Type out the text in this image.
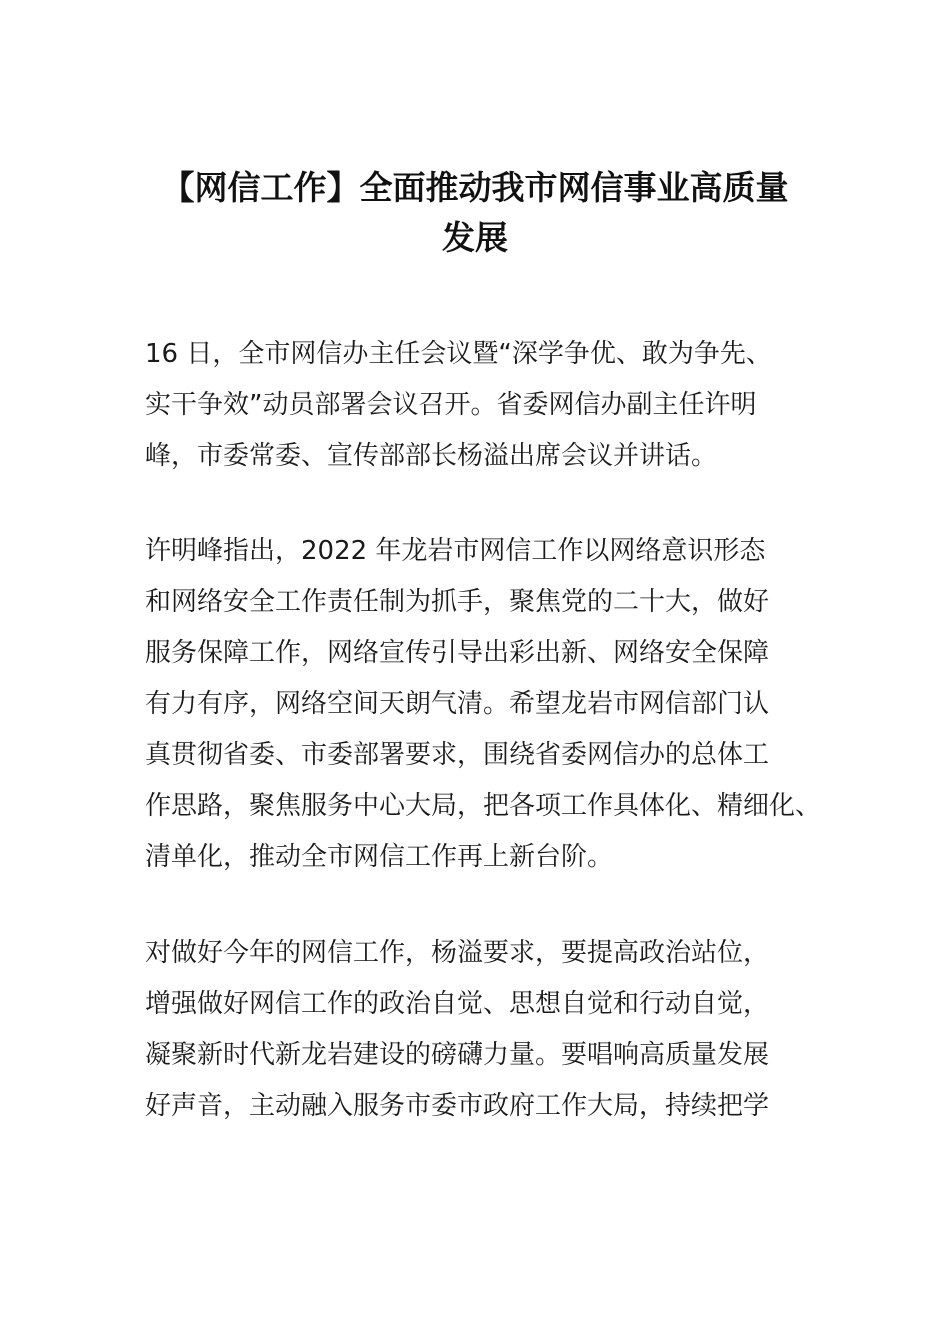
【网信工作】全面推动我市网信事业高质量
发展
16 日，全市网信办主任会议暨“深学争优、敢为争先、
实干争效”动员部署会议召开。省委网信办副主任许明
峰，市委常委、宣传部部长杨溢出席会议并讲话。
许明峰指出，2022 年龙岩市网信工作以网络意识形态
和网络安全工作责任制为抓手，聚焦党的二十大，做好
服务保障工作，网络宣传引导出彩出新、网络安全保障
有力有序，网络空间天朗气清。希望龙岩市网信部门认
真贯彻省委、市委部署要求，围绕省委网信办的总体工
作思路，聚焦服务中心大局，把各项工作具体化、精细化、
清单化，推动全市网信工作再上新台阶。
对做好今年的网信工作，杨溢要求，要提高政治站位，
增强做好网信工作的政治自觉、思想自觉和行动自觉，
凝聚新时代新龙岩建设的磅礴力量。要唱响高质量发展
好声音，主动融入服务市委市政府工作大局，持续把学
